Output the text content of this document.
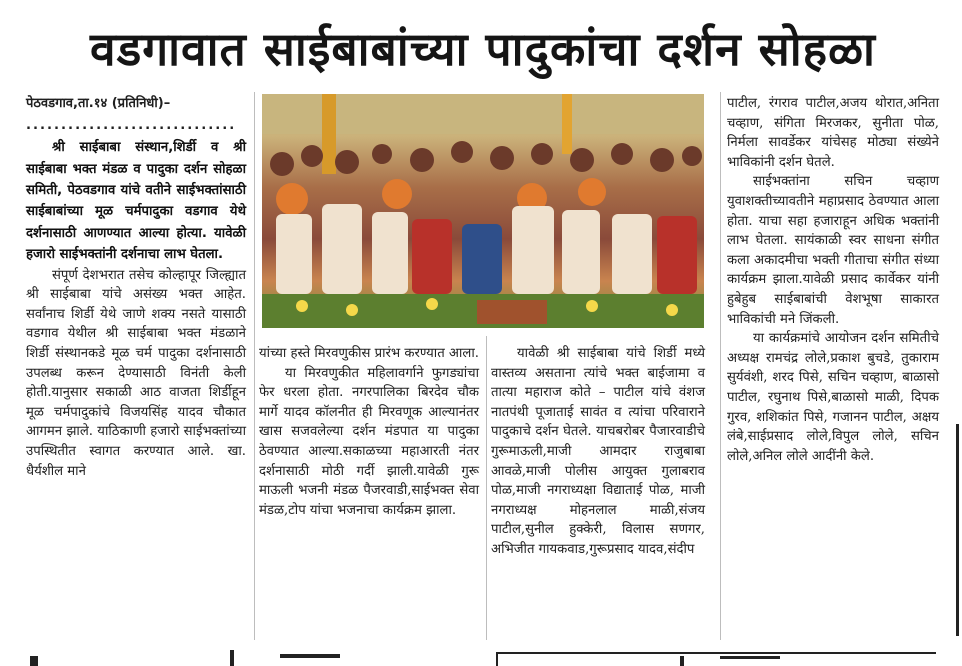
वडगावात साईबाबांच्या पादुकांचा दर्शन सोहळा
पेठवडगाव,ता.१४ (प्रतिनिधी)–
..............................

श्री साईबाबा संस्थान,शिर्डी व श्री साईबाबा भक्त मंडळ व पादुका दर्शन सोहळा समिती, पेठवडगाव यांचे वतीने साईभक्तांसाठी साईबाबांच्या मूळ चर्मपादुका वडगाव येथे दर्शनासाठी आणण्यात आल्या होत्या. यावेळी हजारो साईभक्तांनी दर्शनाचा लाभ घेतला.

संपूर्ण देशभरात तसेच कोल्हापूर जिल्ह्यात श्री साईबाबा यांचे असंख्य भक्त आहेत. सर्वांनाच शिर्डी येथे जाणे शक्य नसते यासाठी वडगाव येथील श्री साईबाबा भक्त मंडळाने शिर्डी संस्थानकडे मूळ चर्म पादुका दर्शनासाठी उपलब्ध करून देण्यासाठी विनंती केली होती.यानुसार सकाळी आठ वाजता शिर्डीहून मूळ चर्मपादुकांचे विजयसिंह यादव चौकात आगमन झाले. याठिकाणी हजारो साईभक्तांच्या उपस्थितीत स्वागत करण्यात आले. खा. धैर्यशील माने

यांच्या हस्ते मिरवणुकीस प्रारंभ करण्यात आला.

या मिरवणुकीत महिलावर्गाने फुगड्यांचा फेर धरला होता. नगरपालिका बिरदेव चौक मार्गे यादव कॉलनीत ही मिरवणूक आल्यानंतर खास सजवलेल्या दर्शन मंडपात या पादुका ठेवण्यात आल्या.सकाळच्या महाआरती नंतर दर्शनासाठी मोठी गर्दी झाली.यावेळी गुरू माऊली भजनी मंडळ पैजरवाडी,साईभक्त सेवा मंडळ,टोप यांचा भजनाचा कार्यक्रम झाला.

यावेळी श्री साईबाबा यांचे शिर्डी मध्ये वास्तव्य असताना त्यांचे भक्त बाईजामा व तात्या महाराज कोते – पाटील यांचे वंशज नातपंथी पूजाताई सावंत व त्यांचा परिवाराने पादुकाचे दर्शन घेतले. याचबरोबर पैजारवाडीचे गुरूमाऊली,माजी आमदार राजुबाबा आवळे,माजी पोलीस आयुक्त गुलाबराव पोळ,माजी नगराध्यक्षा विद्याताई पोळ, माजी नगराध्यक्ष मोहनलाल माळी,संजय पाटील,सुनील हुक्केरी, विलास सणगर, अभिजीत गायकवाड,गुरूप्रसाद यादव,संदीप

पाटील, रंगराव पाटील,अजय थोरात,अनिता चव्हाण, संगिता मिरजकर, सुनीता पोळ, निर्मला सावर्डेकर यांचेसह मोठ्या संख्येने भाविकांनी दर्शन घेतले.

साईभक्तांना सचिन चव्हाण युवाशक्तीच्यावतीने महाप्रसाद ठेवण्यात आला होता. याचा सहा हजाराहून अधिक भक्तांनी लाभ घेतला. सायंकाळी स्वर साधना संगीत कला अकादमीचा भक्ती गीताचा संगीत संध्या कार्यक्रम झाला.यावेळी प्रसाद कार्वेकर यांनी हुबेहुब साईबाबांची वेशभूषा साकारत भाविकांची मने जिंकली.

या कार्यक्रमांचे आयोजन दर्शन समितीचे अध्यक्ष रामचंद्र लोले,प्रकाश बुचडे, तुकाराम सुर्यवंशी, शरद पिसे, सचिन चव्हाण, बाळासो पाटील, रघुनाथ पिसे,बाळासो माळी, दिपक गुरव, शशिकांत पिसे, गजानन पाटील, अक्षय लंबे,साईप्रसाद लोले,विपुल लोले, सचिन लोले,अनिल लोले आदींनी केले.
